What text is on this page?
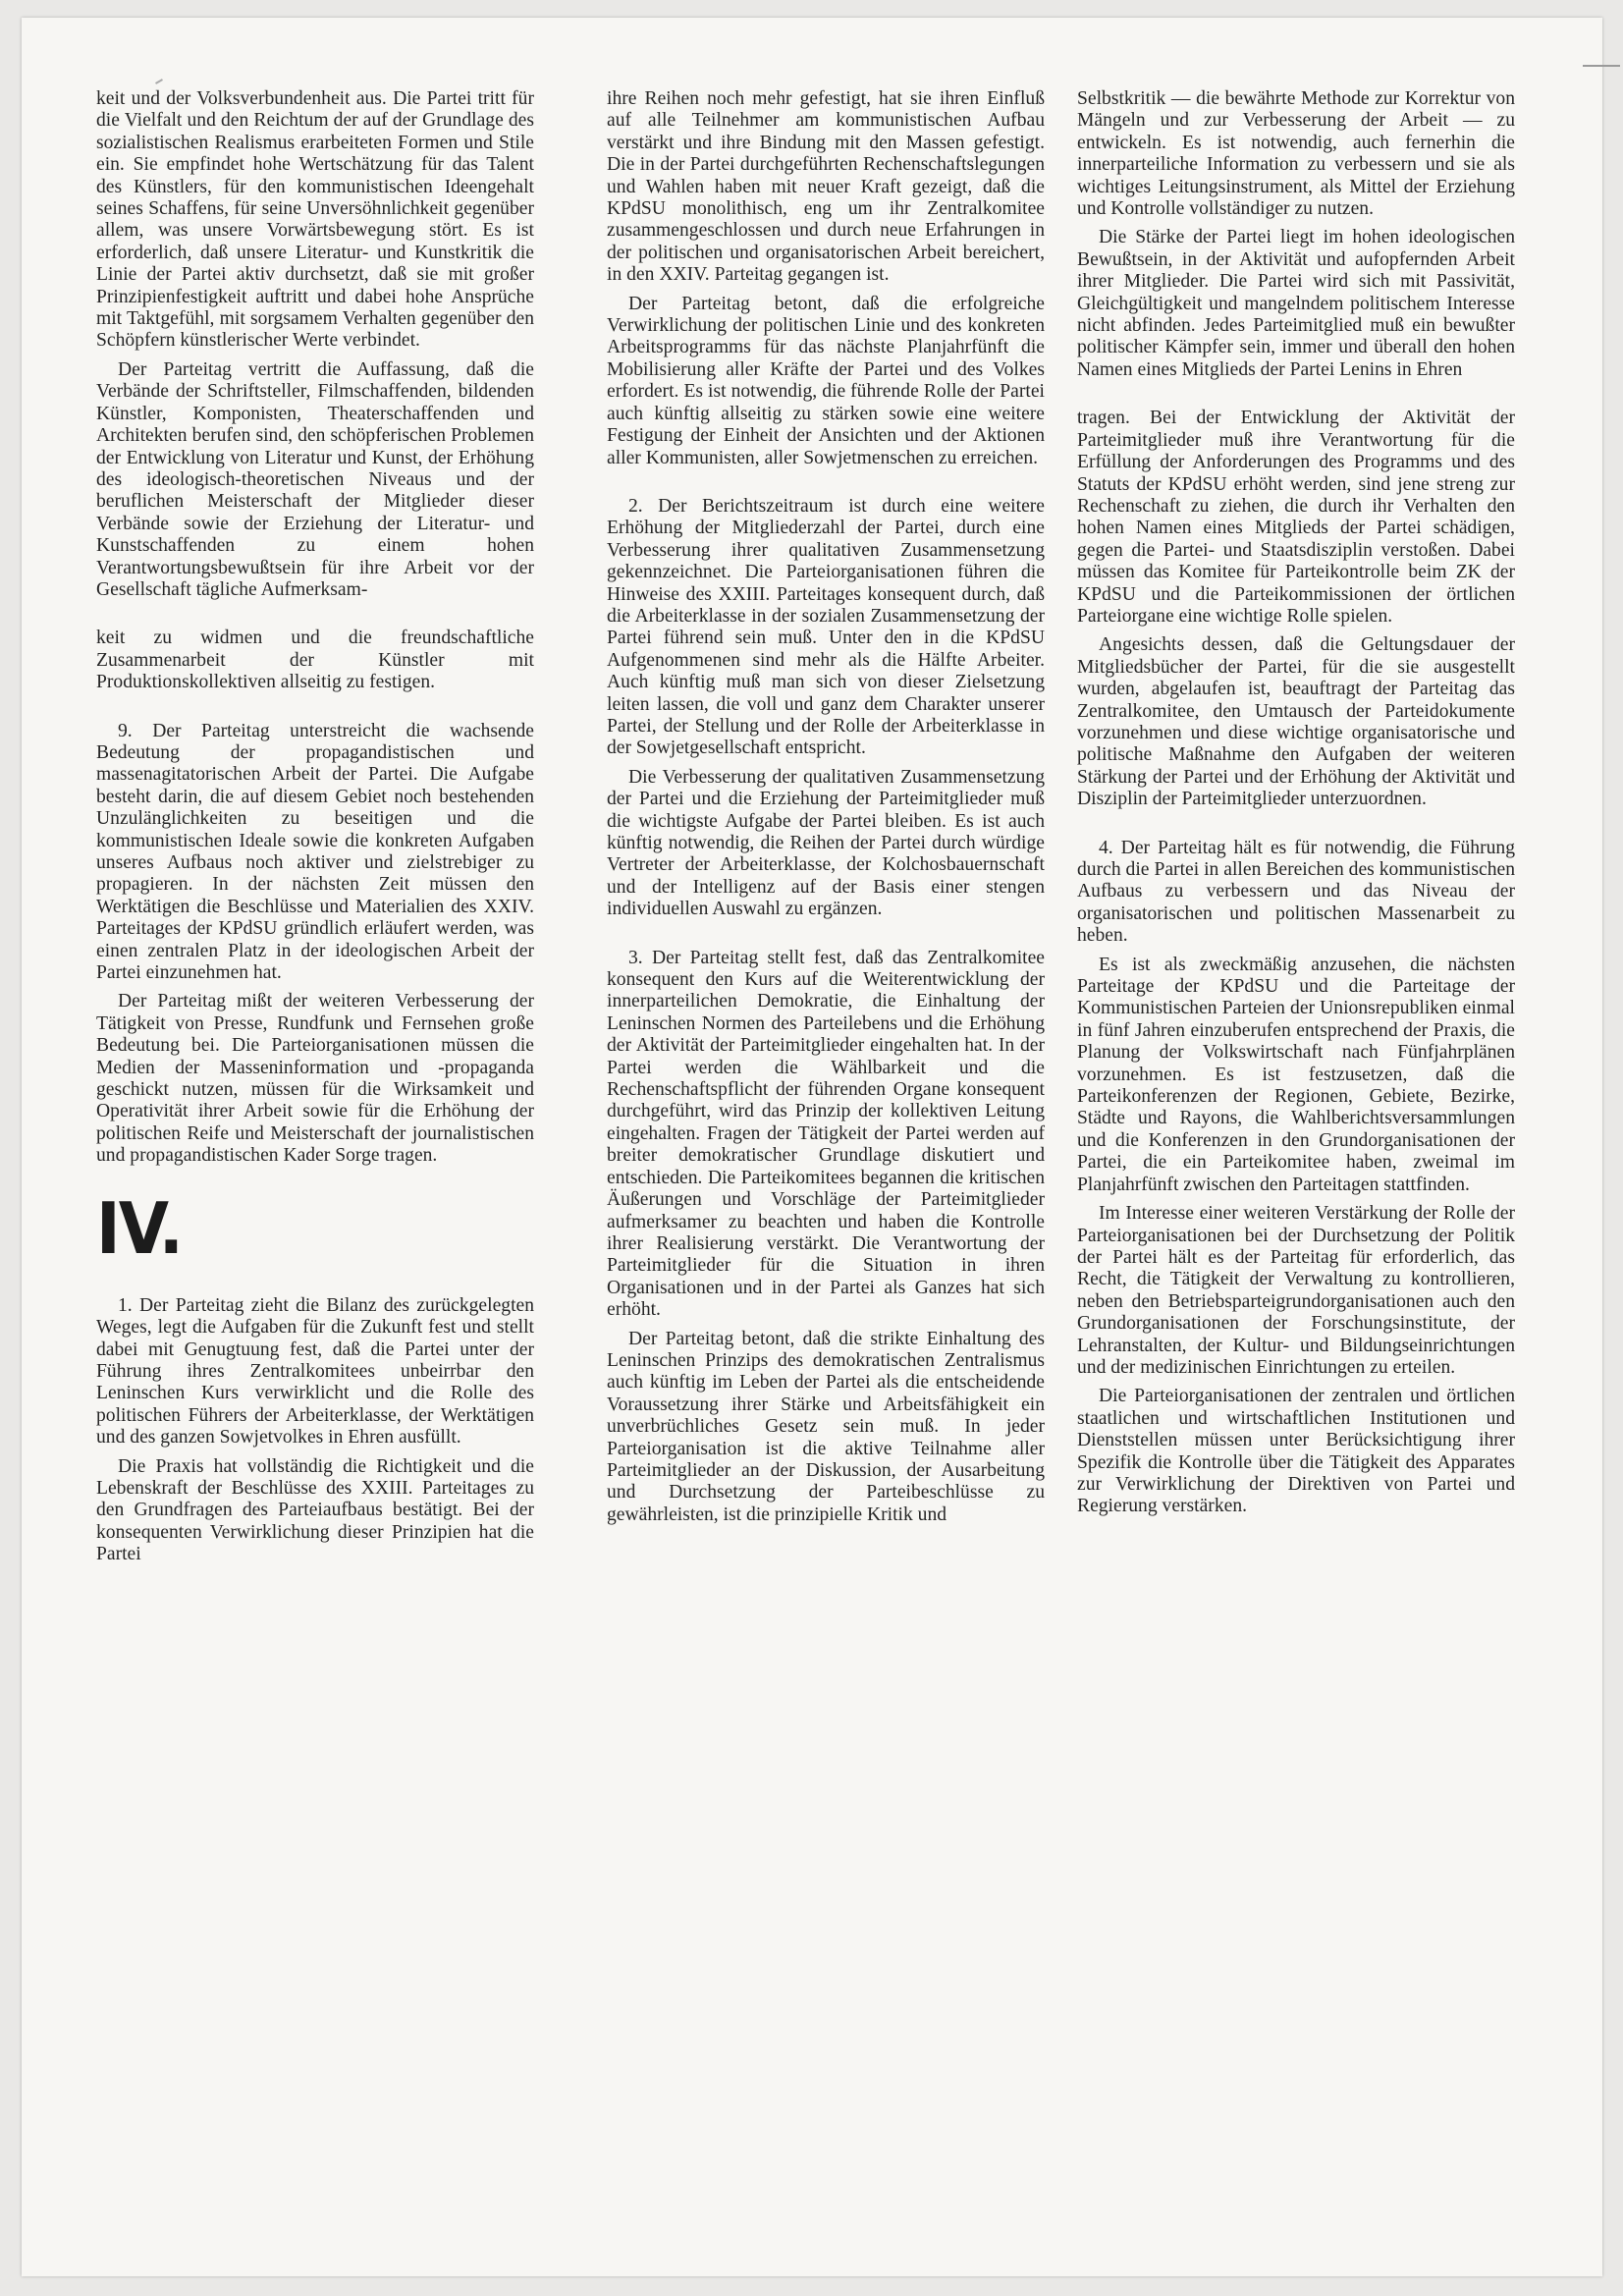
keit und der Volksverbundenheit aus. Die Partei tritt für die Vielfalt und den Reichtum der auf der Grundlage des sozialistischen Realismus erarbeiteten Formen und Stile ein. Sie empfindet hohe Wertschätzung für das Talent des Künstlers, für den kommunistischen Ideengehalt seines Schaffens, für seine Unversöhnlichkeit gegenüber allem, was unsere Vorwärtsbewegung stört. Es ist erforderlich, daß unsere Literatur- und Kunstkritik die Linie der Partei aktiv durchsetzt, daß sie mit großer Prinzipienfestigkeit auftritt und dabei hohe Ansprüche mit Taktgefühl, mit sorgsamem Verhalten gegenüber den Schöpfern künstlerischer Werte verbindet.

Der Parteitag vertritt die Auffassung, daß die Verbände der Schriftsteller, Filmschaffenden, bildenden Künstler, Komponisten, Theaterschaffenden und Architekten berufen sind, den schöpferischen Problemen der Entwicklung von Literatur und Kunst, der Erhöhung des ideologisch-theoretischen Niveaus und der beruflichen Meisterschaft der Mitglieder dieser Verbände sowie der Erziehung der Literatur- und Kunstschaffenden zu einem hohen Verantwortungsbewußtsein für ihre Arbeit vor der Gesellschaft tägliche Aufmerksam-

keit zu widmen und die freundschaftliche Zusammenarbeit der Künstler mit Produktionskollektiven allseitig zu festigen.

9. Der Parteitag unterstreicht die wachsende Bedeutung der propagandistischen und massenagitatorischen Arbeit der Partei. Die Aufgabe besteht darin, die auf diesem Gebiet noch bestehenden Unzulänglichkeiten zu beseitigen und die kommunistischen Ideale sowie die konkreten Aufgaben unseres Aufbaus noch aktiver und zielstrebiger zu propagieren. In der nächsten Zeit müssen den Werktätigen die Beschlüsse und Materialien des XXIV. Parteitages der KPdSU gründlich erläufert werden, was einen zentralen Platz in der ideologischen Arbeit der Partei einzunehmen hat.

Der Parteitag mißt der weiteren Verbesserung der Tätigkeit von Presse, Rundfunk und Fernsehen große Bedeutung bei. Die Parteiorganisationen müssen die Medien der Masseninformation und -propaganda geschickt nutzen, müssen für die Wirksamkeit und Operativität ihrer Arbeit sowie für die Erhöhung der politischen Reife und Meisterschaft der journalistischen und propagandistischen Kader Sorge tragen.

IV.

1. Der Parteitag zieht die Bilanz des zurückgelegten Weges, legt die Aufgaben für die Zukunft fest und stellt dabei mit Genugtuung fest, daß die Partei unter der Führung ihres Zentralkomitees unbeirrbar den Leninschen Kurs verwirklicht und die Rolle des politischen Führers der Arbeiterklasse, der Werktätigen und des ganzen Sowjetvolkes in Ehren ausfüllt.

Die Praxis hat vollständig die Richtigkeit und die Lebenskraft der Beschlüsse des XXIII. Parteitages zu den Grundfragen des Parteiaufbaus bestätigt. Bei der konsequenten Verwirklichung dieser Prinzipien hat die Partei

ihre Reihen noch mehr gefestigt, hat sie ihren Einfluß auf alle Teilnehmer am kommunistischen Aufbau verstärkt und ihre Bindung mit den Massen gefestigt. Die in der Partei durchgeführten Rechenschaftslegungen und Wahlen haben mit neuer Kraft gezeigt, daß die KPdSU monolithisch, eng um ihr Zentralkomitee zusammengeschlossen und durch neue Erfahrungen in der politischen und organisatorischen Arbeit bereichert, in den XXIV. Parteitag gegangen ist.

Der Parteitag betont, daß die erfolgreiche Verwirklichung der politischen Linie und des konkreten Arbeitsprogramms für das nächste Planjahrfünft die Mobilisierung aller Kräfte der Partei und des Volkes erfordert. Es ist notwendig, die führende Rolle der Partei auch künftig allseitig zu stärken sowie eine weitere Festigung der Einheit der Ansichten und der Aktionen aller Kommunisten, aller Sowjetmenschen zu erreichen.

2. Der Berichtszeitraum ist durch eine weitere Erhöhung der Mitgliederzahl der Partei, durch eine Verbesserung ihrer qualitativen Zusammensetzung gekennzeichnet. Die Parteiorganisationen führen die Hinweise des XXIII. Parteitages konsequent durch, daß die Arbeiterklasse in der sozialen Zusammensetzung der Partei führend sein muß. Unter den in die KPdSU Aufgenommenen sind mehr als die Hälfte Arbeiter. Auch künftig muß man sich von dieser Zielsetzung leiten lassen, die voll und ganz dem Charakter unserer Partei, der Stellung und der Rolle der Arbeiterklasse in der Sowjetgesellschaft entspricht.

Die Verbesserung der qualitativen Zusammensetzung der Partei und die Erziehung der Parteimitglieder muß die wichtigste Aufgabe der Partei bleiben. Es ist auch künftig notwendig, die Reihen der Partei durch würdige Vertreter der Arbeiterklasse, der Kolchosbauernschaft und der Intelligenz auf der Basis einer stengen individuellen Auswahl zu ergänzen.

3. Der Parteitag stellt fest, daß das Zentralkomitee konsequent den Kurs auf die Weiterentwicklung der innerparteilichen Demokratie, die Einhaltung der Leninschen Normen des Parteilebens und die Erhöhung der Aktivität der Parteimitglieder eingehalten hat. In der Partei werden die Wählbarkeit und die Rechenschaftspflicht der führenden Organe konsequent durchgeführt, wird das Prinzip der kollektiven Leitung eingehalten. Fragen der Tätigkeit der Partei werden auf breiter demokratischer Grundlage diskutiert und entschieden. Die Parteikomitees begannen die kritischen Äußerungen und Vorschläge der Parteimitglieder aufmerksamer zu beachten und haben die Kontrolle ihrer Realisierung verstärkt. Die Verantwortung der Parteimitglieder für die Situation in ihren Organisationen und in der Partei als Ganzes hat sich erhöht.

Der Parteitag betont, daß die strikte Einhaltung des Leninschen Prinzips des demokratischen Zentralismus auch künftig im Leben der Partei als die entscheidende Voraussetzung ihrer Stärke und Arbeitsfähigkeit ein unverbrüchliches Gesetz sein muß. In jeder Parteiorganisation ist die aktive Teilnahme aller Parteimitglieder an der Diskussion, der Ausarbeitung und Durchsetzung der Parteibeschlüsse zu gewährleisten, ist die prinzipielle Kritik und

Selbstkritik — die bewährte Methode zur Korrektur von Mängeln und zur Verbesserung der Arbeit — zu entwickeln. Es ist notwendig, auch fernerhin die innerparteiliche Information zu verbessern und sie als wichtiges Leitungsinstrument, als Mittel der Erziehung und Kontrolle vollständiger zu nutzen.

Die Stärke der Partei liegt im hohen ideologischen Bewußtsein, in der Aktivität und aufopfernden Arbeit ihrer Mitglieder. Die Partei wird sich mit Passivität, Gleichgültigkeit und mangelndem politischem Interesse nicht abfinden. Jedes Parteimitglied muß ein bewußter politischer Kämpfer sein, immer und überall den hohen Namen eines Mitglieds der Partei Lenins in Ehren

tragen. Bei der Entwicklung der Aktivität der Parteimitglieder muß ihre Verantwortung für die Erfüllung der Anforderungen des Programms und des Statuts der KPdSU erhöht werden, sind jene streng zur Rechenschaft zu ziehen, die durch ihr Verhalten den hohen Namen eines Mitglieds der Partei schädigen, gegen die Partei- und Staatsdisziplin verstoßen. Dabei müssen das Komitee für Parteikontrolle beim ZK der KPdSU und die Parteikommissionen der örtlichen Parteiorgane eine wichtige Rolle spielen.

Angesichts dessen, daß die Geltungsdauer der Mitgliedsbücher der Partei, für die sie ausgestellt wurden, abgelaufen ist, beauftragt der Parteitag das Zentralkomitee, den Umtausch der Parteidokumente vorzunehmen und diese wichtige organisatorische und politische Maßnahme den Aufgaben der weiteren Stärkung der Partei und der Erhöhung der Aktivität und Disziplin der Parteimitglieder unterzuordnen.

4. Der Parteitag hält es für notwendig, die Führung durch die Partei in allen Bereichen des kommunistischen Aufbaus zu verbessern und das Niveau der organisatorischen und politischen Massenarbeit zu heben.

Es ist als zweckmäßig anzusehen, die nächsten Parteitage der KPdSU und die Parteitage der Kommunistischen Parteien der Unionsrepubliken einmal in fünf Jahren einzuberufen entsprechend der Praxis, die Planung der Volkswirtschaft nach Fünfjahrplänen vorzunehmen. Es ist festzusetzen, daß die Parteikonferenzen der Regionen, Gebiete, Bezirke, Städte und Rayons, die Wahlberichtsversammlungen und die Konferenzen in den Grundorganisationen der Partei, die ein Parteikomitee haben, zweimal im Planjahrfünft zwischen den Parteitagen stattfinden.

Im Interesse einer weiteren Verstärkung der Rolle der Parteiorganisationen bei der Durchsetzung der Politik der Partei hält es der Parteitag für erforderlich, das Recht, die Tätigkeit der Verwaltung zu kontrollieren, neben den Betriebsparteigrundorganisationen auch den Grundorganisationen der Forschungsinstitute, der Lehranstalten, der Kultur- und Bildungseinrichtungen und der medizinischen Einrichtungen zu erteilen.

Die Parteiorganisationen der zentralen und örtlichen staatlichen und wirtschaftlichen Institutionen und Dienststellen müssen unter Berücksichtigung ihrer Spezifik die Kontrolle über die Tätigkeit des Apparates zur Verwirklichung der Direktiven von Partei und Regierung verstärken.
